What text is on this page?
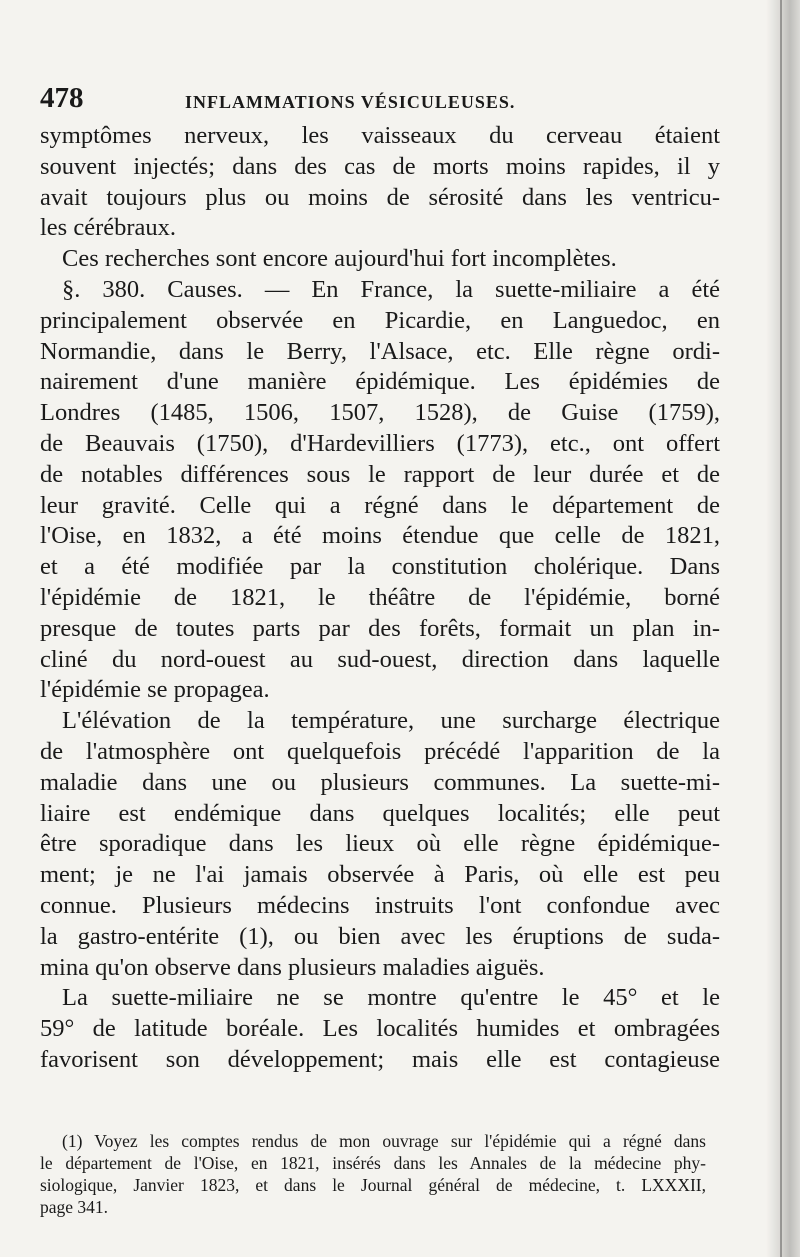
478	INFLAMMATIONS VÉSICULEUSES.
symptômes nerveux, les vaisseaux du cerveau étaient
souvent injectés; dans des cas de morts moins rapides, il y
avait toujours plus ou moins de sérosité dans les ventricu-
les cérébraux.
Ces recherches sont encore aujourd'hui fort incomplètes.
§. 380. Causes. — En France, la suette-miliaire a été
principalement observée en Picardie, en Languedoc, en
Normandie, dans le Berry, l'Alsace, etc. Elle règne ordi-
nairement d'une manière épidémique. Les épidémies de
Londres (1485, 1506, 1507, 1528), de Guise (1759),
de Beauvais (1750), d'Hardevilliers (1773), etc., ont offert
de notables différences sous le rapport de leur durée et de
leur gravité. Celle qui a régné dans le département de
l'Oise, en 1832, a été moins étendue que celle de 1821,
et a été modifiée par la constitution cholérique. Dans
l'épidémie de 1821, le théâtre de l'épidémie, borné
presque de toutes parts par des forêts, formait un plan in-
cliné du nord-ouest au sud-ouest, direction dans laquelle
l'épidémie se propagea.
L'élévation de la température, une surcharge électrique
de l'atmosphère ont quelquefois précédé l'apparition de la
maladie dans une ou plusieurs communes. La suette-mi-
liaire est endémique dans quelques localités; elle peut
être sporadique dans les lieux où elle règne épidémique-
ment; je ne l'ai jamais observée à Paris, où elle est peu
connue. Plusieurs médecins instruits l'ont confondue avec
la gastro-entérite (1), ou bien avec les éruptions de suda-
mina qu'on observe dans plusieurs maladies aiguës.
La suette-miliaire ne se montre qu'entre le 45° et le
59° de latitude boréale. Les localités humides et ombragées
favorisent son développement; mais elle est contagieuse
(1) Voyez les comptes rendus de mon ouvrage sur l'épidémie qui a régné dans
le département de l'Oise, en 1821, insérés dans les Annales de la médecine phy-
siologique, Janvier 1823, et dans le Journal général de médecine, t. LXXXII,
page 341.
